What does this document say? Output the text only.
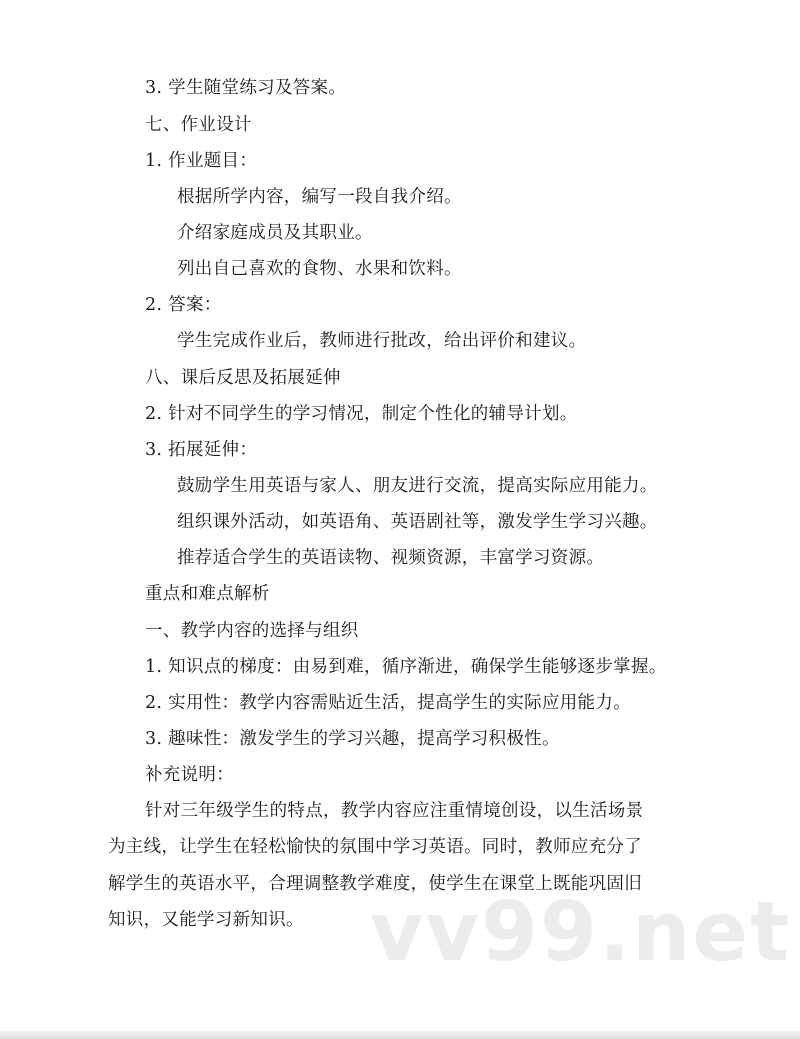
3. 学生随堂练习及答案。
七、作业设计
1. 作业题目：
根据所学内容，编写一段自我介绍。
介绍家庭成员及其职业。
列出自己喜欢的食物、水果和饮料。
2. 答案：
学生完成作业后，教师进行批改，给出评价和建议。
八、课后反思及拓展延伸
2. 针对不同学生的学习情况，制定个性化的辅导计划。
3. 拓展延伸：
鼓励学生用英语与家人、朋友进行交流，提高实际应用能力。
组织课外活动，如英语角、英语剧社等，激发学生学习兴趣。
推荐适合学生的英语读物、视频资源，丰富学习资源。
重点和难点解析
一、教学内容的选择与组织
1. 知识点的梯度：由易到难，循序渐进，确保学生能够逐步掌握。
2. 实用性：教学内容需贴近生活，提高学生的实际应用能力。
3. 趣味性：激发学生的学习兴趣，提高学习积极性。
补充说明：
针对三年级学生的特点，教学内容应注重情境创设，以生活场景
为主线，让学生在轻松愉快的氛围中学习英语。同时，教师应充分了
解学生的英语水平，合理调整教学难度，使学生在课堂上既能巩固旧
知识，又能学习新知识。 vv99.net
